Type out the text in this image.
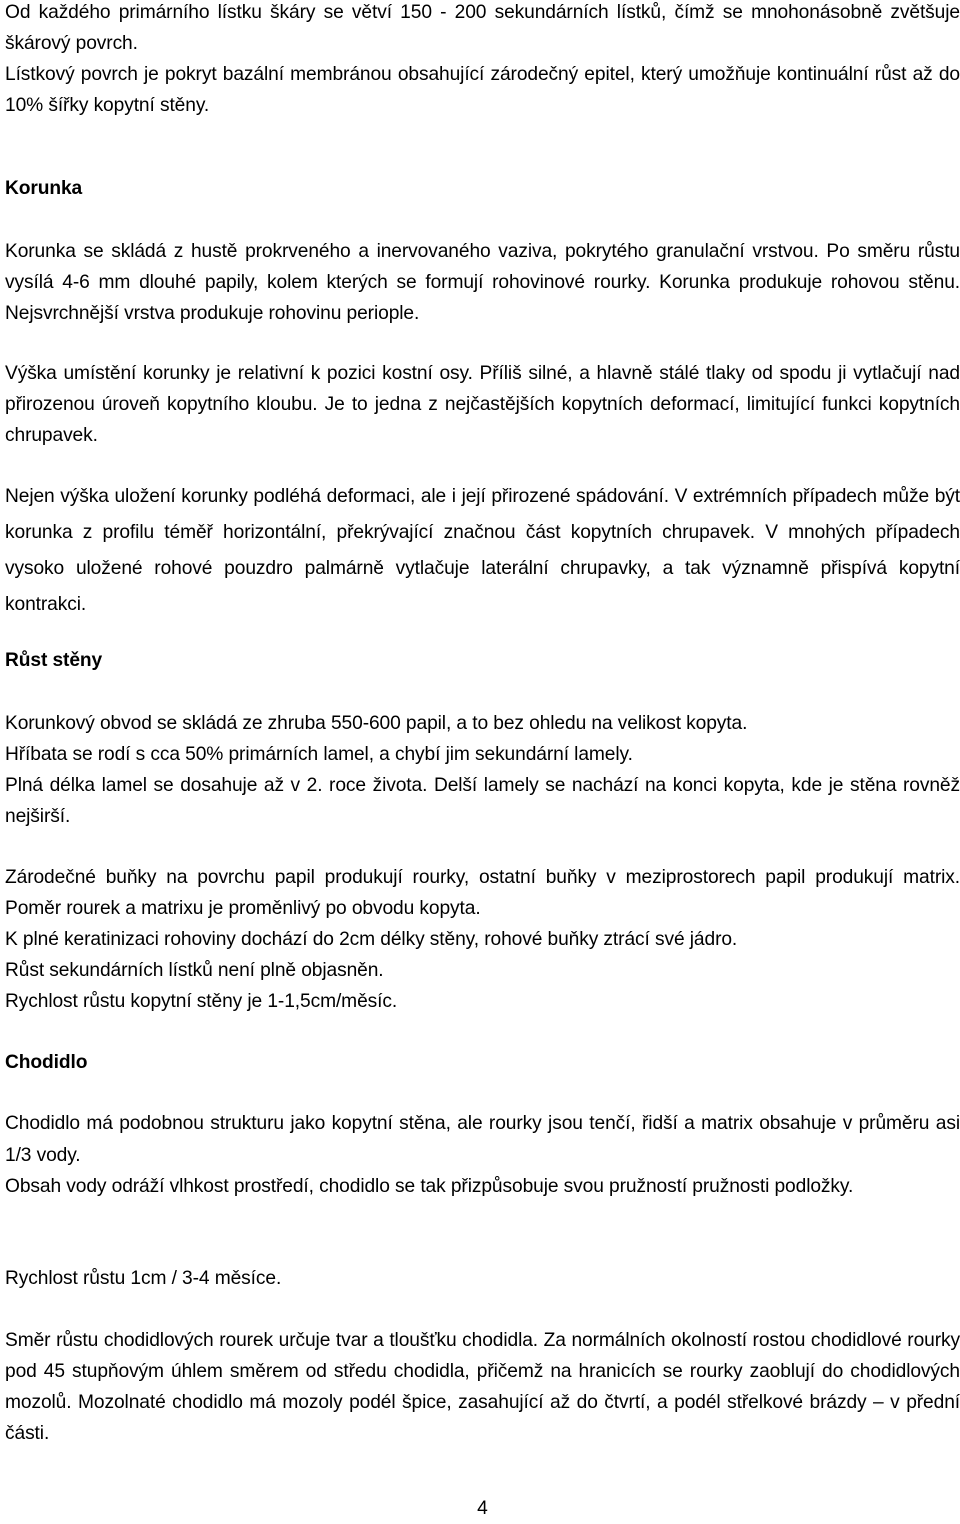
Od každého primárního lístku škáry se větví 150 - 200 sekundárních lístků, čímž se mnohonásobně zvětšuje škárový povrch.

Lístkový povrch je pokryt bazální membránou obsahující zárodečný epitel, který umožňuje kontinuální růst až do 10% šířky kopytní stěny.

Korunka
Korunka se skládá z hustě prokrveného a inervovaného vaziva, pokrytého granulační vrstvou. Po směru růstu vysílá 4-6 mm dlouhé papily, kolem kterých se formují rohovinové rourky. Korunka produkuje rohovou stěnu. Nejsvrchnější vrstva produkuje rohovinu periople.
Výška umístění korunky je relativní k pozici kostní osy. Příliš silné, a hlavně stálé tlaky od spodu ji vytlačují nad přirozenou úroveň kopytního kloubu. Je to jedna z nejčastějších kopytních deformací, limitující funkci kopytních chrupavek.
Nejen výška uložení korunky podléhá deformaci, ale i její přirozené spádování. V extrémních případech může být korunka z profilu téměř horizontální, překrývající značnou část kopytních chrupavek. V mnohých případech vysoko uložené rohové pouzdro palmárně vytlačuje laterální chrupavky, a tak významně přispívá kopytní kontrakci.
Růst stěny

Korunkový obvod se skládá ze zhruba 550-600 papil, a to bez ohledu na velikost kopyta.

Hříbata se rodí s cca 50% primárních lamel, a chybí jim sekundární lamely.

Plná délka lamel se dosahuje až v 2. roce života. Delší lamely se nachází na konci kopyta, kde je stěna rovněž nejširší.

Zárodečné buňky na povrchu papil produkují rourky, ostatní buňky v meziprostorech papil produkují matrix. Poměr rourek a matrixu je proměnlivý po obvodu kopyta.

K plné keratinizaci rohoviny dochází do 2cm délky stěny, rohové buňky ztrácí své jádro.

Růst sekundárních lístků není plně objasněn.

Rychlost růstu kopytní stěny je 1-1,5cm/měsíc.

Chodidlo

Chodidlo má podobnou strukturu jako kopytní stěna, ale rourky jsou tenčí, řidší a matrix obsahuje v průměru asi 1/3 vody.

Obsah vody odráží vlhkost prostředí, chodidlo se tak přizpůsobuje svou pružností pružnosti podložky.

Rychlost růstu 1cm / 3-4 měsíce.
Směr růstu chodidlových rourek určuje tvar a tloušťku chodidla. Za normálních okolností rostou chodidlové rourky pod 45 stupňovým úhlem směrem od středu chodidla, přičemž na hranicích se rourky zaoblují do chodidlových mozolů. Mozolnaté chodidlo má mozoly podél špice, zasahující až do čtvrtí, a podél střelkové brázdy – v přední části.
4
